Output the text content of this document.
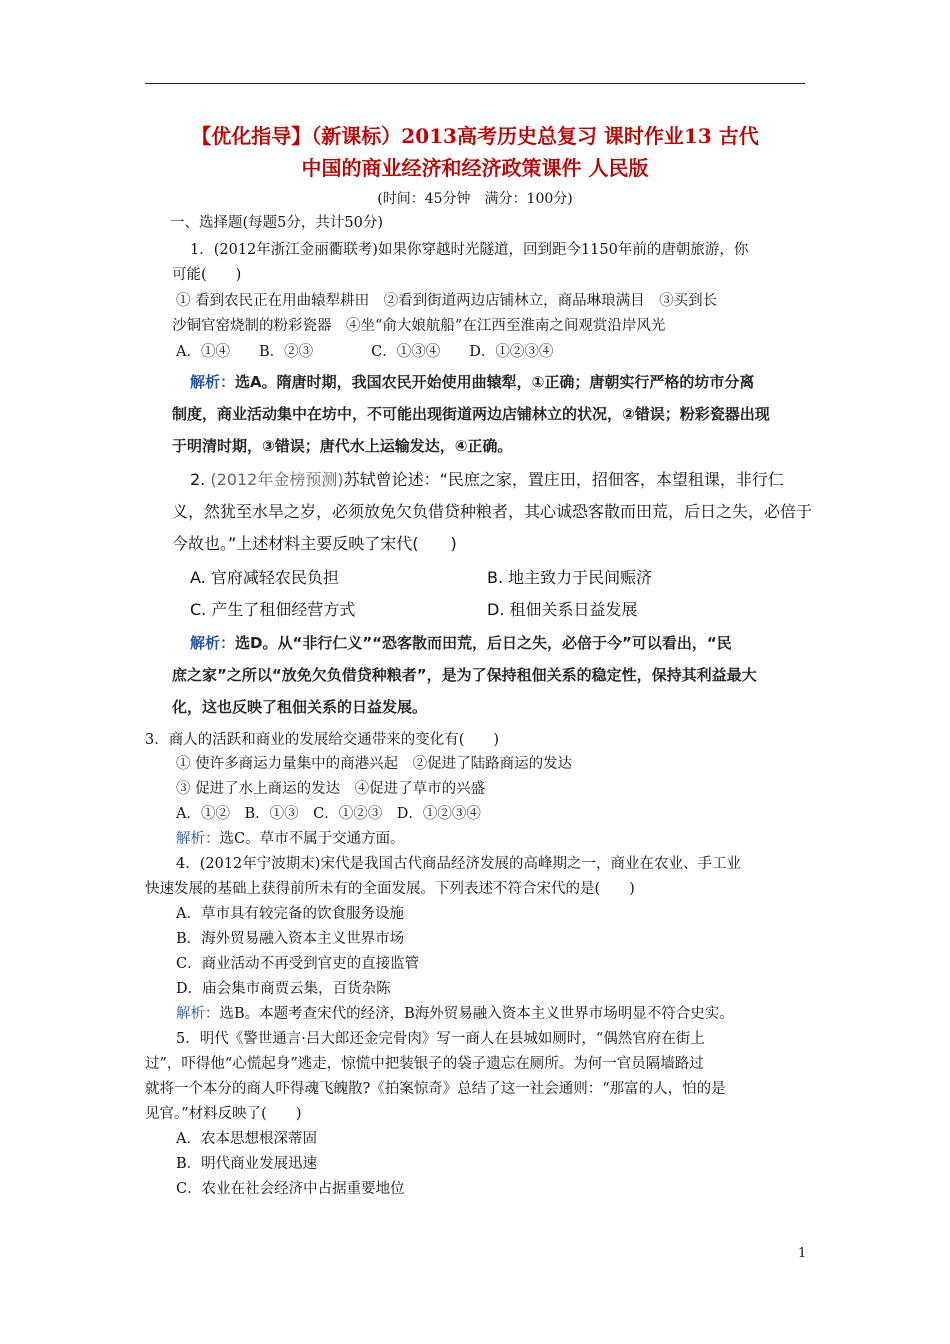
【优化指导】（新课标）2013高考历史总复习 课时作业13 古代
中国的商业经济和经济政策课件 人民版
(时间：45分钟　满分：100分)
一、选择题(每题5分，共计50分)
1．(2012年浙江金丽衢联考)如果你穿越时光隧道，回到距今1150年前的唐朝旅游，你
可能(　　)
① 看到农民正在用曲辕犁耕田　②看到街道两边店铺林立，商品琳琅满目　③买到长
沙铜官窑烧制的粉彩瓷器　④坐“俞大娘航船”在江西至淮南之间观赏沿岸风光
A．①④　　B．②③　　　　C．①③④　　D．①②③④
解析：选A。隋唐时期，我国农民开始使用曲辕犁，①正确；唐朝实行严格的坊市分离
制度，商业活动集中在坊中，不可能出现街道两边店铺林立的状况，②错误；粉彩瓷器出现
于明清时期，③错误；唐代水上运输发达，④正确。
2. (2012年金榜预测)苏轼曾论述：“民庶之家，置庄田，招佃客，本望租课，非行仁
义，然犹至水旱之岁，必须放免欠负借贷种粮者，其心诚恐客散而田荒，后日之失，必倍于
今故也。”上述材料主要反映了宋代(　　)
A. 官府减轻农民负担	B. 地主致力于民间赈济
C. 产生了租佃经营方式	D. 租佃关系日益发展
解析：选D。从“非行仁义”“恐客散而田荒，后日之失，必倍于今”可以看出，“民
庶之家”之所以“放免欠负借贷种粮者”，是为了保持租佃关系的稳定性，保持其利益最大
化，这也反映了租佃关系的日益发展。
3．商人的活跃和商业的发展给交通带来的变化有(　　)
① 使许多商运力量集中的商港兴起　②促进了陆路商运的发达
③ 促进了水上商运的发达　④促进了草市的兴盛
A．①②　B．①③　C．①②③　D．①②③④
解析：选C。草市不属于交通方面。
4．(2012年宁波期末)宋代是我国古代商品经济发展的高峰期之一，商业在农业、手工业
快速发展的基础上获得前所未有的全面发展。下列表述不符合宋代的是(　　)
A．草市具有较完备的饮食服务设施
B．海外贸易融入资本主义世界市场
C．商业活动不再受到官吏的直接监管
D．庙会集市商贾云集，百货杂陈
解析：选B。本题考查宋代的经济，B海外贸易融入资本主义世界市场明显不符合史实。
5．明代《警世通言·吕大郎还金完骨肉》写一商人在县城如厕时，“偶然官府在街上
过”，吓得他“心慌起身”逃走，惊慌中把装银子的袋子遗忘在厕所。为何一官员隔墙路过
就将一个本分的商人吓得魂飞魄散?《拍案惊奇》总结了这一社会通则：“那富的人，怕的是
见官。”材料反映了(　　)
A．农本思想根深蒂固
B．明代商业发展迅速
C．农业在社会经济中占据重要地位
1
